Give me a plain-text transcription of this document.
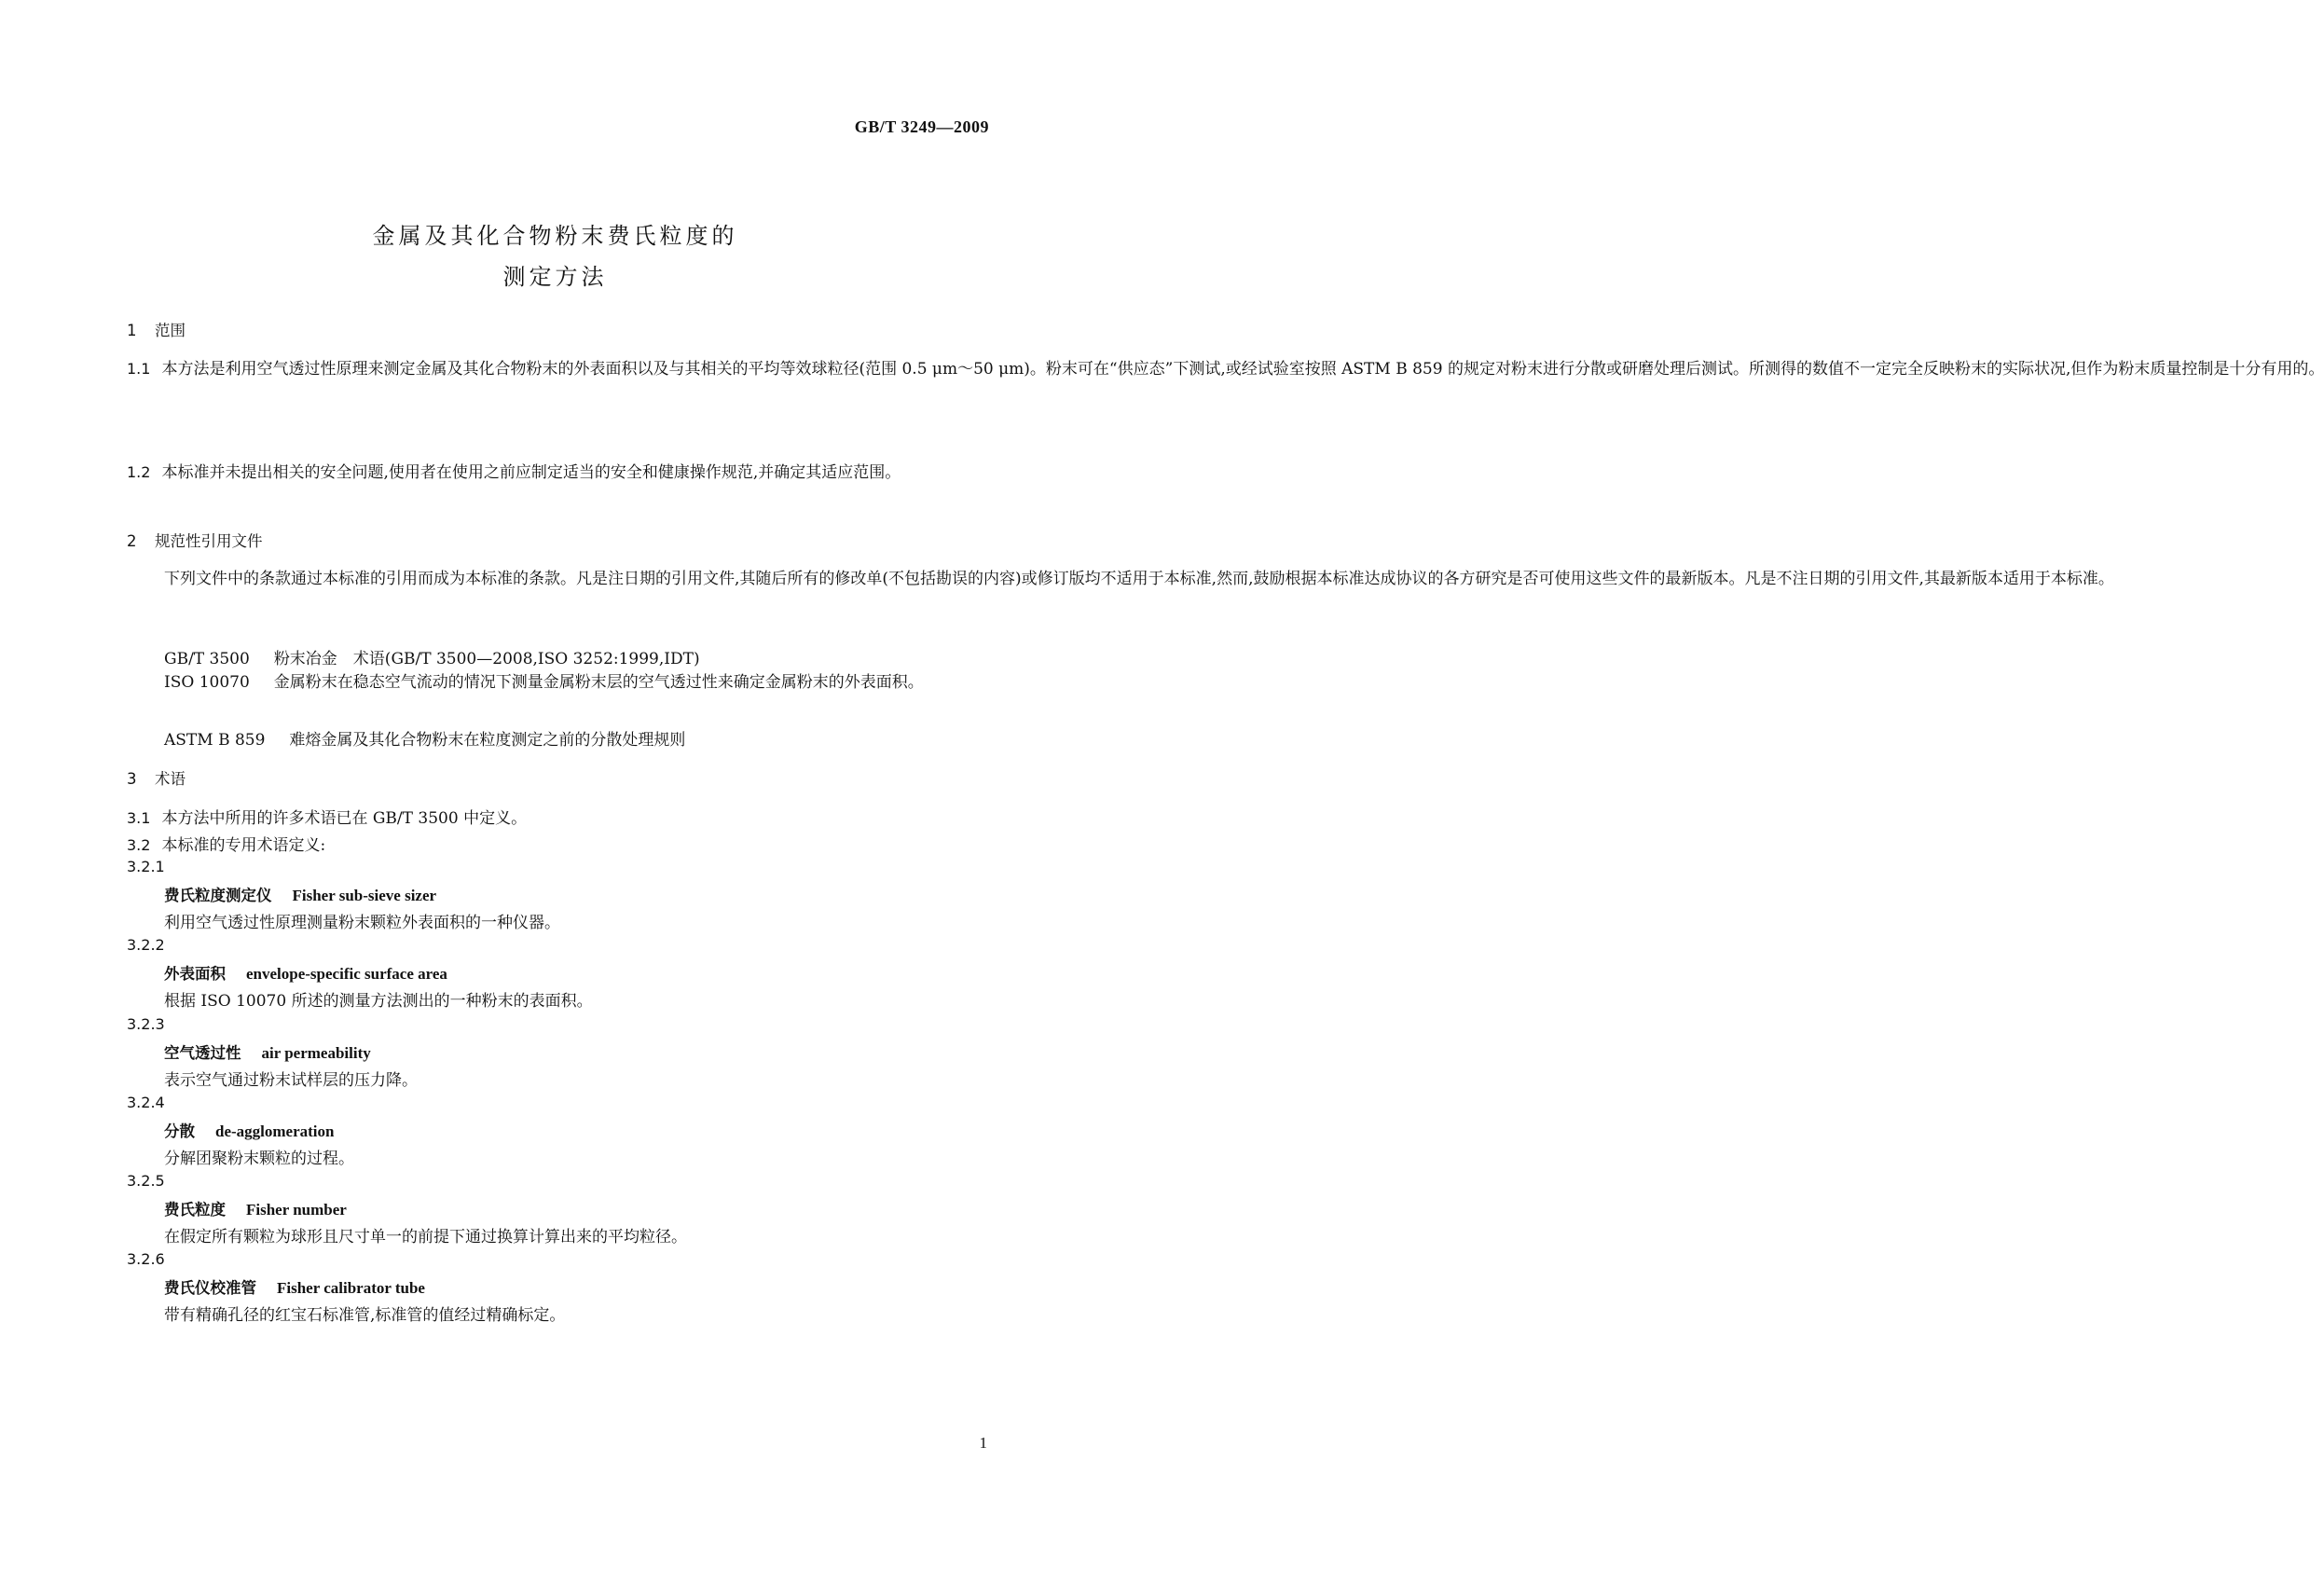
GB/T 3249—2009
金属及其化合物粉末费氏粒度的
测定方法
1 范围
1.1 本方法是利用空气透过性原理来测定金属及其化合物粉末的外表面积以及与其相关的平均等效球粒径(范围 0.5 μm～50 μm)。粉末可在“供应态”下测试,或经试验室按照 ASTM B 859 的规定对粉末进行分散或研磨处理后测试。所测得的数值不一定完全反映粉末的实际状况,但作为粉末质量控制是十分有用的。
1.2 本标准并未提出相关的安全问题,使用者在使用之前应制定适当的安全和健康操作规范,并确定其适应范围。
2 规范性引用文件
下列文件中的条款通过本标准的引用而成为本标准的条款。凡是注日期的引用文件,其随后所有的修改单(不包括勘误的内容)或修订版均不适用于本标准,然而,鼓励根据本标准达成协议的各方研究是否可使用这些文件的最新版本。凡是不注日期的引用文件,其最新版本适用于本标准。
GB/T 3500 粉末冶金　术语(GB/T 3500—2008,ISO 3252:1999,IDT)
ISO 10070 金属粉末在稳态空气流动的情况下测量金属粉末层的空气透过性来确定金属粉末的外表面积。
ASTM B 859 难熔金属及其化合物粉末在粒度测定之前的分散处理规则
3 术语
3.1 本方法中所用的许多术语已在 GB/T 3500 中定义。
3.2 本标准的专用术语定义:
3.2.1
费氏粒度测定仪 Fisher sub-sieve sizer
利用空气透过性原理测量粉末颗粒外表面积的一种仪器。
3.2.2
外表面积 envelope-specific surface area
根据 ISO 10070 所述的测量方法测出的一种粉末的表面积。
3.2.3
空气透过性 air permeability
表示空气通过粉末试样层的压力降。
3.2.4
分散 de-agglomeration
分解团聚粉末颗粒的过程。
3.2.5
费氏粒度 Fisher number
在假定所有颗粒为球形且尺寸单一的前提下通过换算计算出来的平均粒径。
3.2.6
费氏仪校准管 Fisher calibrator tube
带有精确孔径的红宝石标准管,标准管的值经过精确标定。
1
